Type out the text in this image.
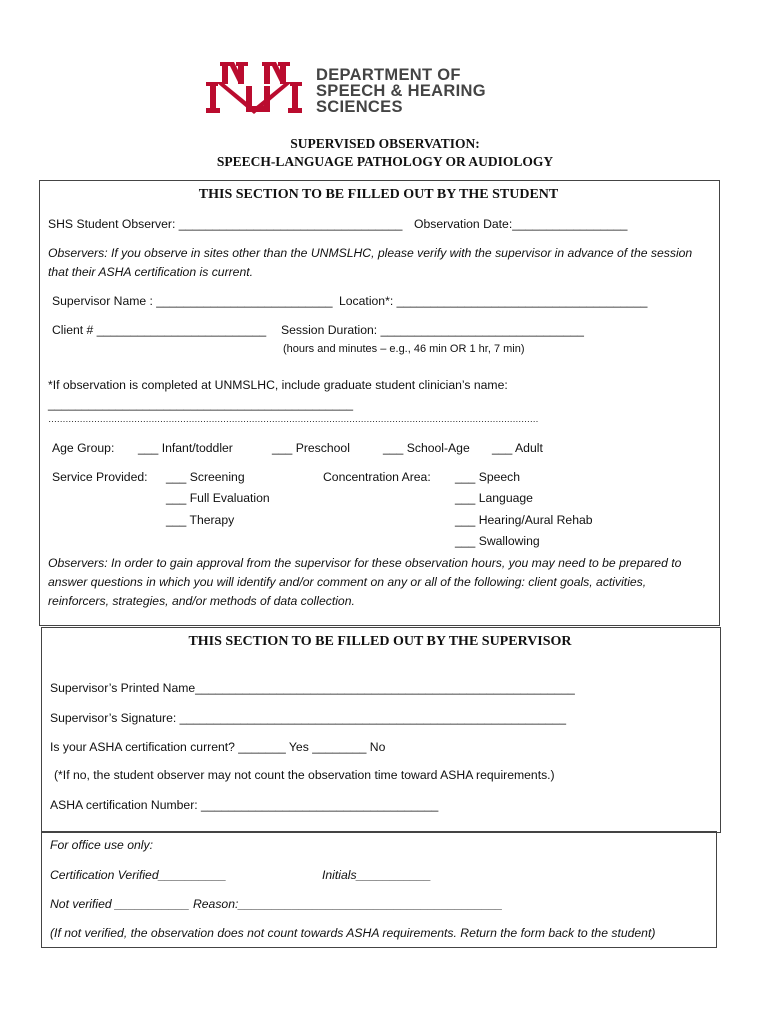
DEPARTMENT OF
SPEECH & HEARING
SCIENCES
SUPERVISED OBSERVATION:
SPEECH-LANGUAGE PATHOLOGY OR AUDIOLOGY
THIS SECTION TO BE FILLED OUT BY THE STUDENT
SHS Student Observer: _________________________________ Observation Date:_________________
Observers: If you observe in sites other than the UNMSLHC, please verify with the supervisor in advance of the session
that their ASHA certification is current.
Supervisor Name : __________________________ Location*: _____________________________________
Client # _________________________ Session Duration: ______________________________
(hours and minutes – e.g., 46 min OR 1 hr, 7 min)
*If observation is completed at UNMSLHC, include graduate student clinician’s name:
_____________________________________________
………………………………………………………………………………………………………………………………………………………
Age Group: ___ Infant/toddler	___ Preschool	___ School-Age ___ Adult
Service Provided: ___ Screening
___ Full Evaluation
___ Therapy
Concentration Area: ___ Speech
___ Language
___ Hearing/Aural Rehab
___ Swallowing
Observers: In order to gain approval from the supervisor for these observation hours, you may need to be prepared to
answer questions in which you will identify and/or comment on any or all of the following: client goals, activities,
reinforcers, strategies, and/or methods of data collection.
THIS SECTION TO BE FILLED OUT BY THE SUPERVISOR
Supervisor’s Printed Name________________________________________________________
Supervisor’s Signature: _________________________________________________________
Is your ASHA certification current? _______ Yes ________ No
(*If no, the student observer may not count the observation time toward ASHA requirements.)
ASHA certification Number: ___________________________________
For office use only:
Certification Verified__________	Initials___________
Not verified ___________ Reason:_______________________________________
(If not verified, the observation does not count towards ASHA requirements. Return the form back to the student)
